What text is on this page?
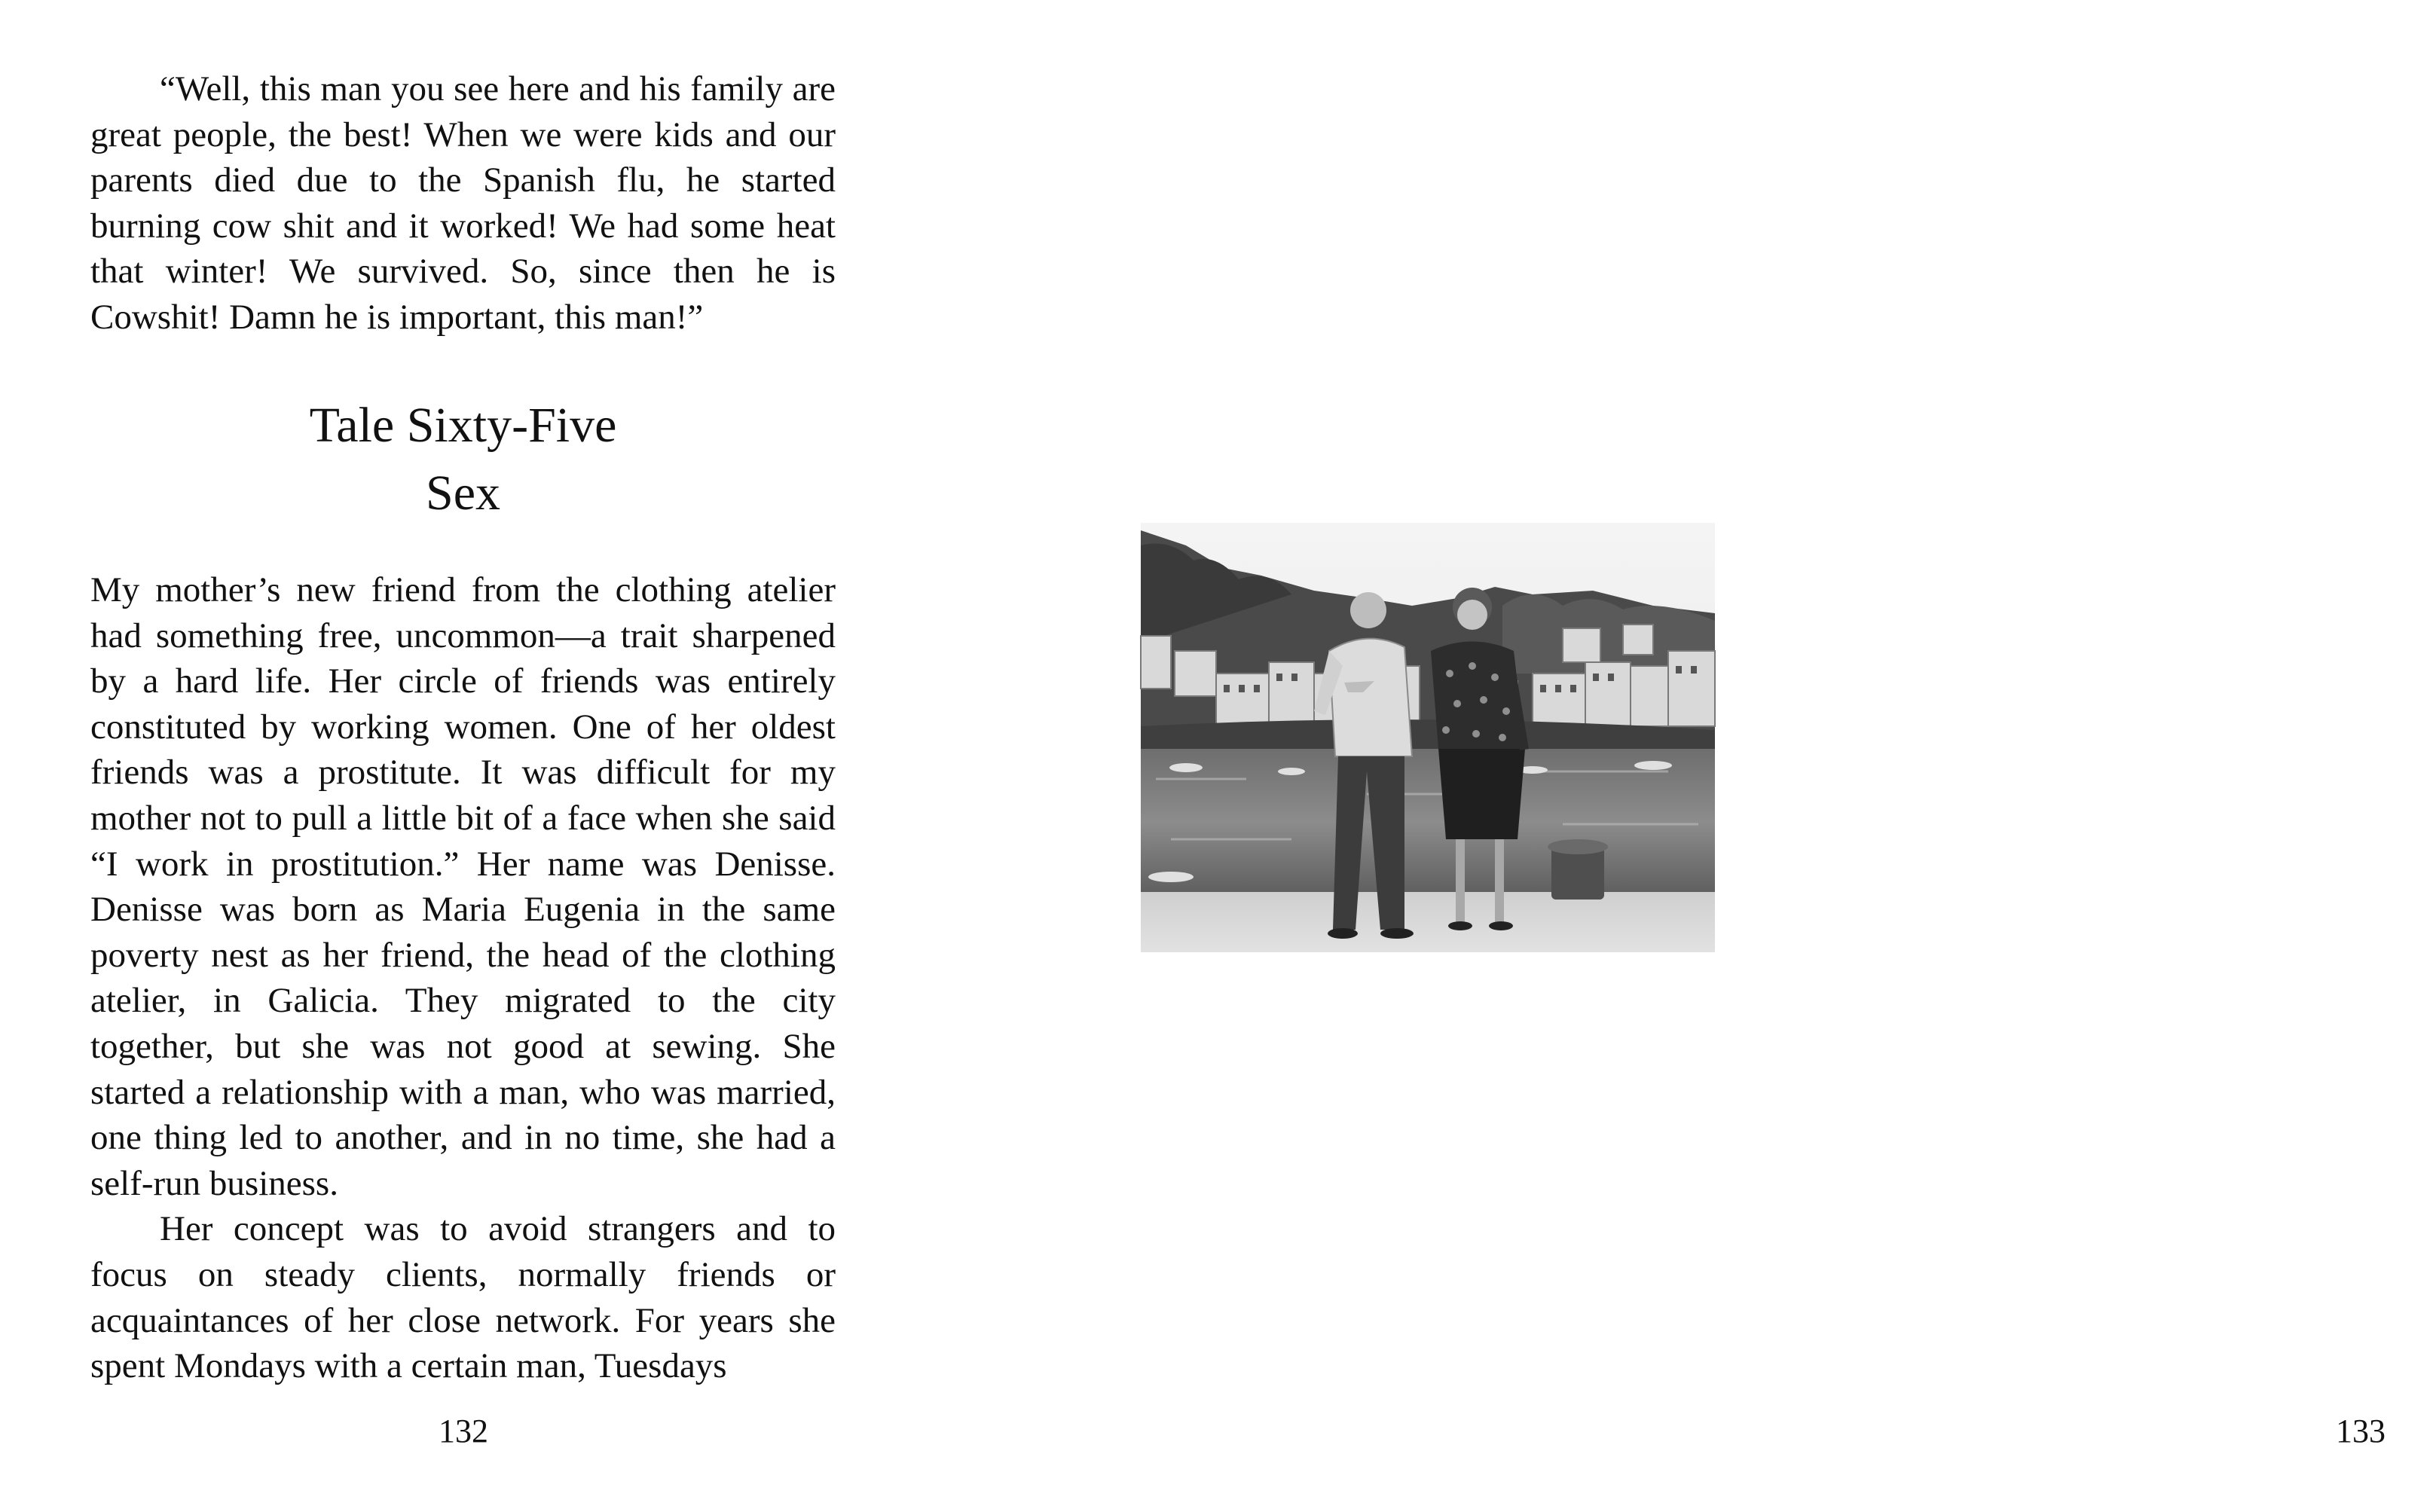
“Well, this man you see here and his family are great people, the best! When we were kids and our parents died due to the Spanish flu, he started burning cow shit and it worked! We had some heat that winter! We survived. So, since then he is Cowshit! Damn he is important, this man!”

Tale Sixty-Five
Sex

My mother’s new friend from the clothing atelier had something free, uncommon—a trait sharpened by a hard life. Her circle of friends was entirely constituted by working women. One of her oldest friends was a prostitute. It was difficult for my mother not to pull a little bit of a face when she said “I work in prostitution.” Her name was Denisse. Denisse was born as Maria Eugenia in the same poverty nest as her friend, the head of the clothing atelier, in Galicia. They migrated to the city together, but she was not good at sewing. She started a relationship with a man, who was married, one thing led to another, and in no time, she had a self-run business.

Her concept was to avoid strangers and to focus on steady clients, normally friends or acquaintances of her close network. For years she spent Mondays with a certain man, Tuesdays

132	133
